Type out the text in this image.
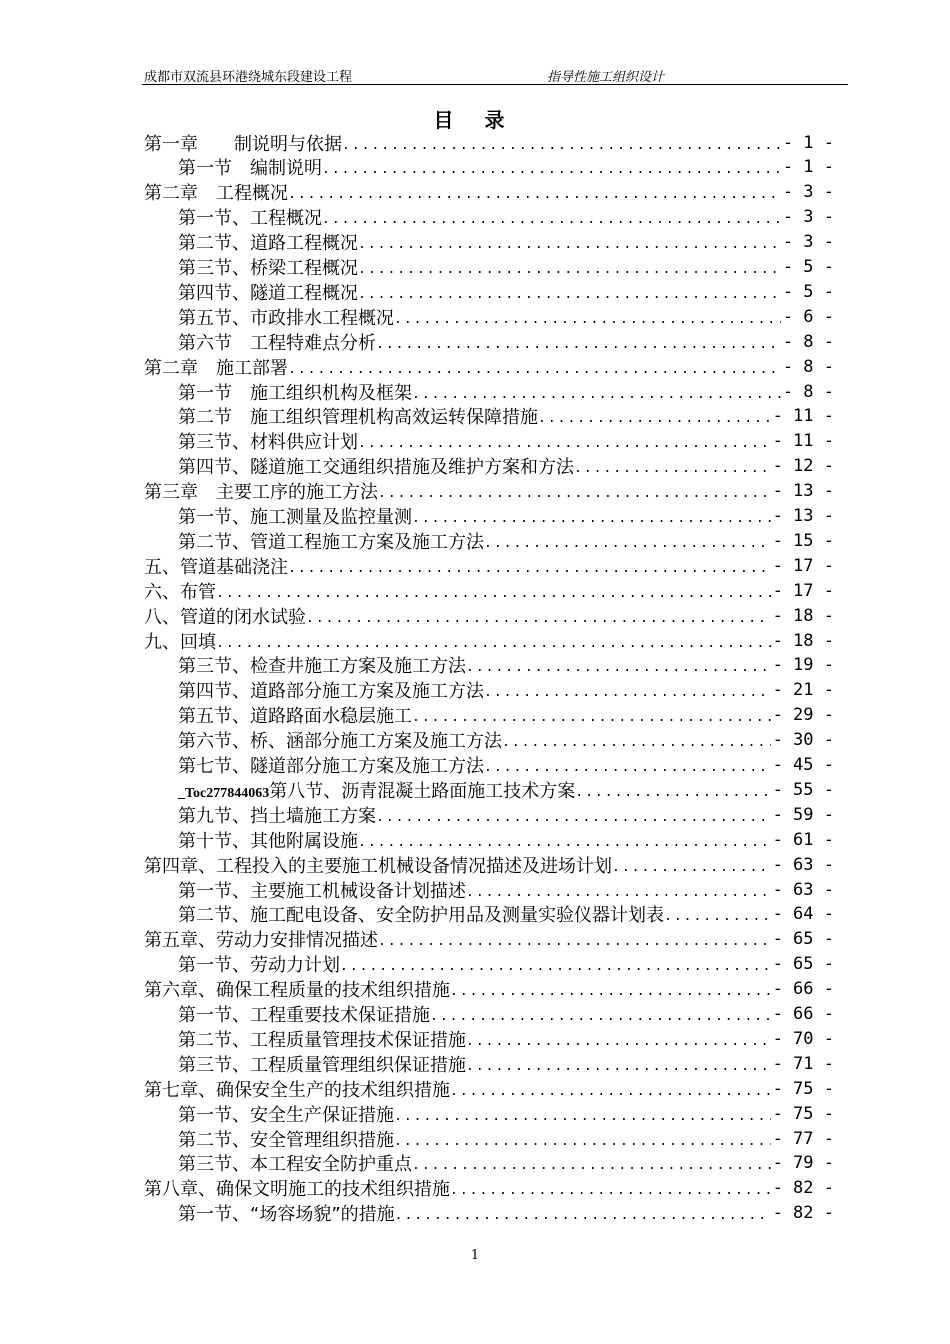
成都市双流县环港绕城东段建设工程	指导性施工组织设计
目 录
第一章　　制说明与依据 .....	- 1 -
第一节　编制说明 .....	- 1 -
第二章　工程概况 .....	- 3 -
第一节、工程概况 .....	- 3 -
第二节、道路工程概况 .....	- 3 -
第三节、桥梁工程概况 .....	- 5 -
第四节、隧道工程概况 .....	- 5 -
第五节、市政排水工程概况 .....	- 6 -
第六节　工程特难点分析 .....	- 8 -
第二章　施工部署 .....	- 8 -
第一节　施工组织机构及框架 .....	- 8 -
第二节　施工组织管理机构高效运转保障措施 .....	- 11 -
第三节、材料供应计划 .....	- 11 -
第四节、隧道施工交通组织措施及维护方案和方法 .....	- 12 -
第三章　主要工序的施工方法 .....	- 13 -
第一节、施工测量及监控量测 .....	- 13 -
第二节、管道工程施工方案及施工方法 .....	- 15 -
五、管道基础浇注 .....	- 17 -
六、布管 .....	- 17 -
八、管道的闭水试验 .....	- 18 -
九、回填 .....	- 18 -
第三节、检查井施工方案及施工方法 .....	- 19 -
第四节、道路部分施工方案及施工方法 .....	- 21 -
第五节、道路路面水稳层施工 .....	- 29 -
第六节、桥、涵部分施工方案及施工方法 .....	- 30 -
第七节、隧道部分施工方案及施工方法 .....	- 45 -
_Toc277844063第八节、沥青混凝土路面施工技术方案 .....	- 55 -
第九节、挡土墙施工方案 .....	- 59 -
第十节、其他附属设施 .....	- 61 -
第四章、工程投入的主要施工机械设备情况描述及进场计划 .....	- 63 -
第一节、主要施工机械设备计划描述 .....	- 63 -
第二节、施工配电设备、安全防护用品及测量实验仪器计划表 .....	- 64 -
第五章、劳动力安排情况描述 .....	- 65 -
第一节、劳动力计划 .....	- 65 -
第六章、确保工程质量的技术组织措施 .....	- 66 -
第一节、工程重要技术保证措施 .....	- 66 -
第二节、工程质量管理技术保证措施 .....	- 70 -
第三节、工程质量管理组织保证措施 .....	- 71 -
第七章、确保安全生产的技术组织措施 .....	- 75 -
第一节、安全生产保证措施 .....	- 75 -
第二节、安全管理组织措施 .....	- 77 -
第三节、本工程安全防护重点 .....	- 79 -
第八章、确保文明施工的技术组织措施 .....	- 82 -
第一节、“场容场貌”的措施 .....	- 82 -
1
